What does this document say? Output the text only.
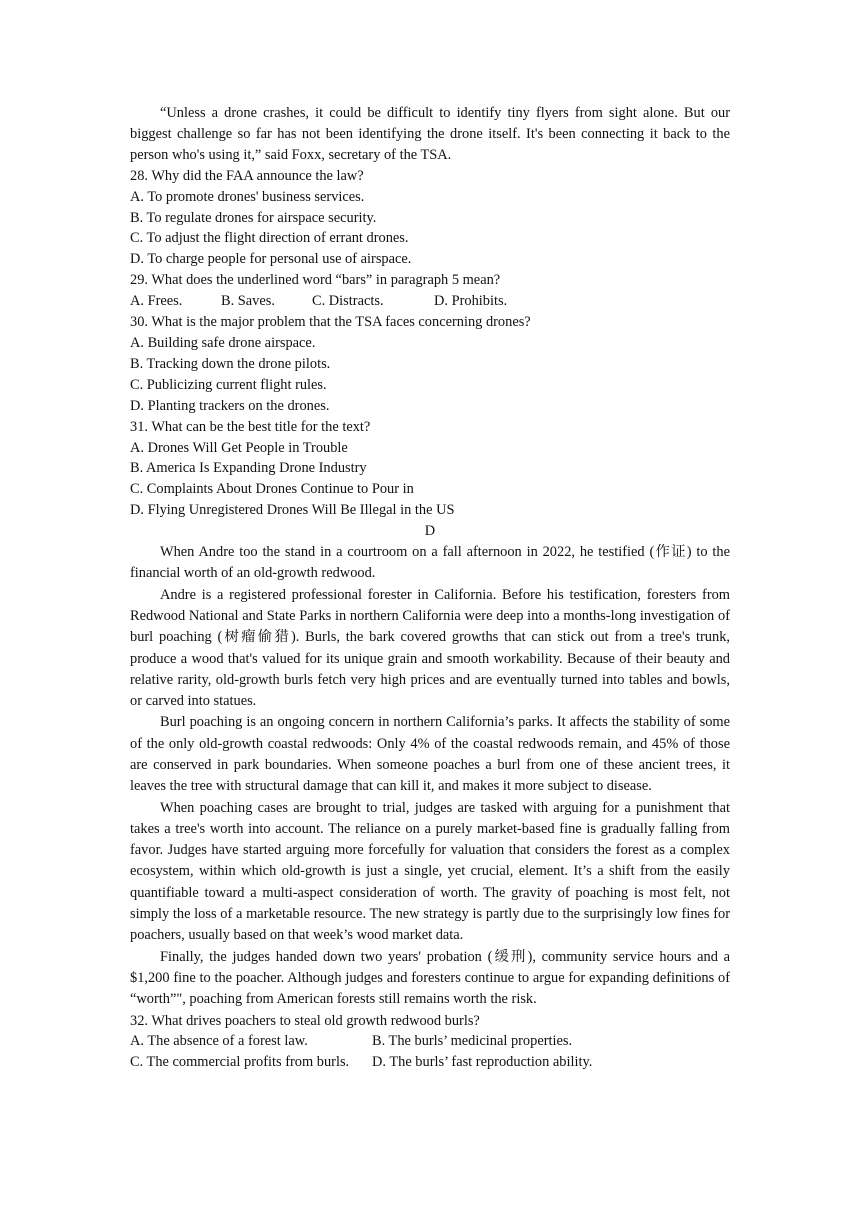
“Unless a drone crashes, it could be difficult to identify tiny flyers from sight alone. But our biggest challenge so far has not been identifying the drone itself. It's been connecting it back to the person who's using it,” said Foxx, secretary of the TSA.

28. Why did the FAA announce the law?

A. To promote drones' business services.

B. To regulate drones for airspace security.

C. To adjust the flight direction of errant drones.

D. To charge people for personal use of airspace.

29. What does the underlined word “bars” in paragraph 5 mean?

A. Frees.	B. Saves.	C. Distracts.	D. Prohibits.

30. What is the major problem that the TSA faces concerning drones?

A. Building safe drone airspace.

B. Tracking down the drone pilots.

C. Publicizing current flight rules.

D. Planting trackers on the drones.

31. What can be the best title for the text?

A. Drones Will Get People in Trouble

B. America Is Expanding Drone Industry

C. Complaints About Drones Continue to Pour in

D. Flying Unregistered Drones Will Be Illegal in the US

D

When Andre too the stand in a courtroom on a fall afternoon in 2022, he testified (作证) to the financial worth of an old-growth redwood.

Andre is a registered professional forester in California. Before his testification, foresters from Redwood National and State Parks in northern California were deep into a months-long investigation of burl poaching (树瘤偷猎). Burls, the bark covered growths that can stick out from a tree's trunk, produce a wood that's valued for its unique grain and smooth workability. Because of their beauty and relative rarity, old-growth burls fetch very high prices and are eventually turned into tables and bowls, or carved into statues.

Burl poaching is an ongoing concern in northern California’s parks. It affects the stability of some of the only old-growth coastal redwoods: Only 4% of the coastal redwoods remain, and 45% of those are conserved in park boundaries. When someone poaches a burl from one of these ancient trees, it leaves the tree with structural damage that can kill it, and makes it more subject to disease.

When poaching cases are brought to trial, judges are tasked with arguing for a punishment that takes a tree's worth into account. The reliance on a purely market-based fine is gradually falling from favor. Judges have started arguing more forcefully for valuation that considers the forest as a complex ecosystem, within which old-growth is just a single, yet crucial, element. It’s a shift from the easily quantifiable toward a multi-aspect consideration of worth. The gravity of poaching is most felt, not simply the loss of a marketable resource. The new strategy is partly due to the surprisingly low fines for poachers, usually based on that week’s wood market data.

Finally, the judges handed down two years' probation (缓刑), community service hours and a $1,200 fine to the poacher. Although judges and foresters continue to argue for expanding definitions of “worth”", poaching from American forests still remains worth the risk.

32. What drives poachers to steal old growth redwood burls?

A. The absence of a forest law.	B. The burls’ medicinal properties.
C. The commercial profits from burls.	D. The burls’ fast reproduction ability.
